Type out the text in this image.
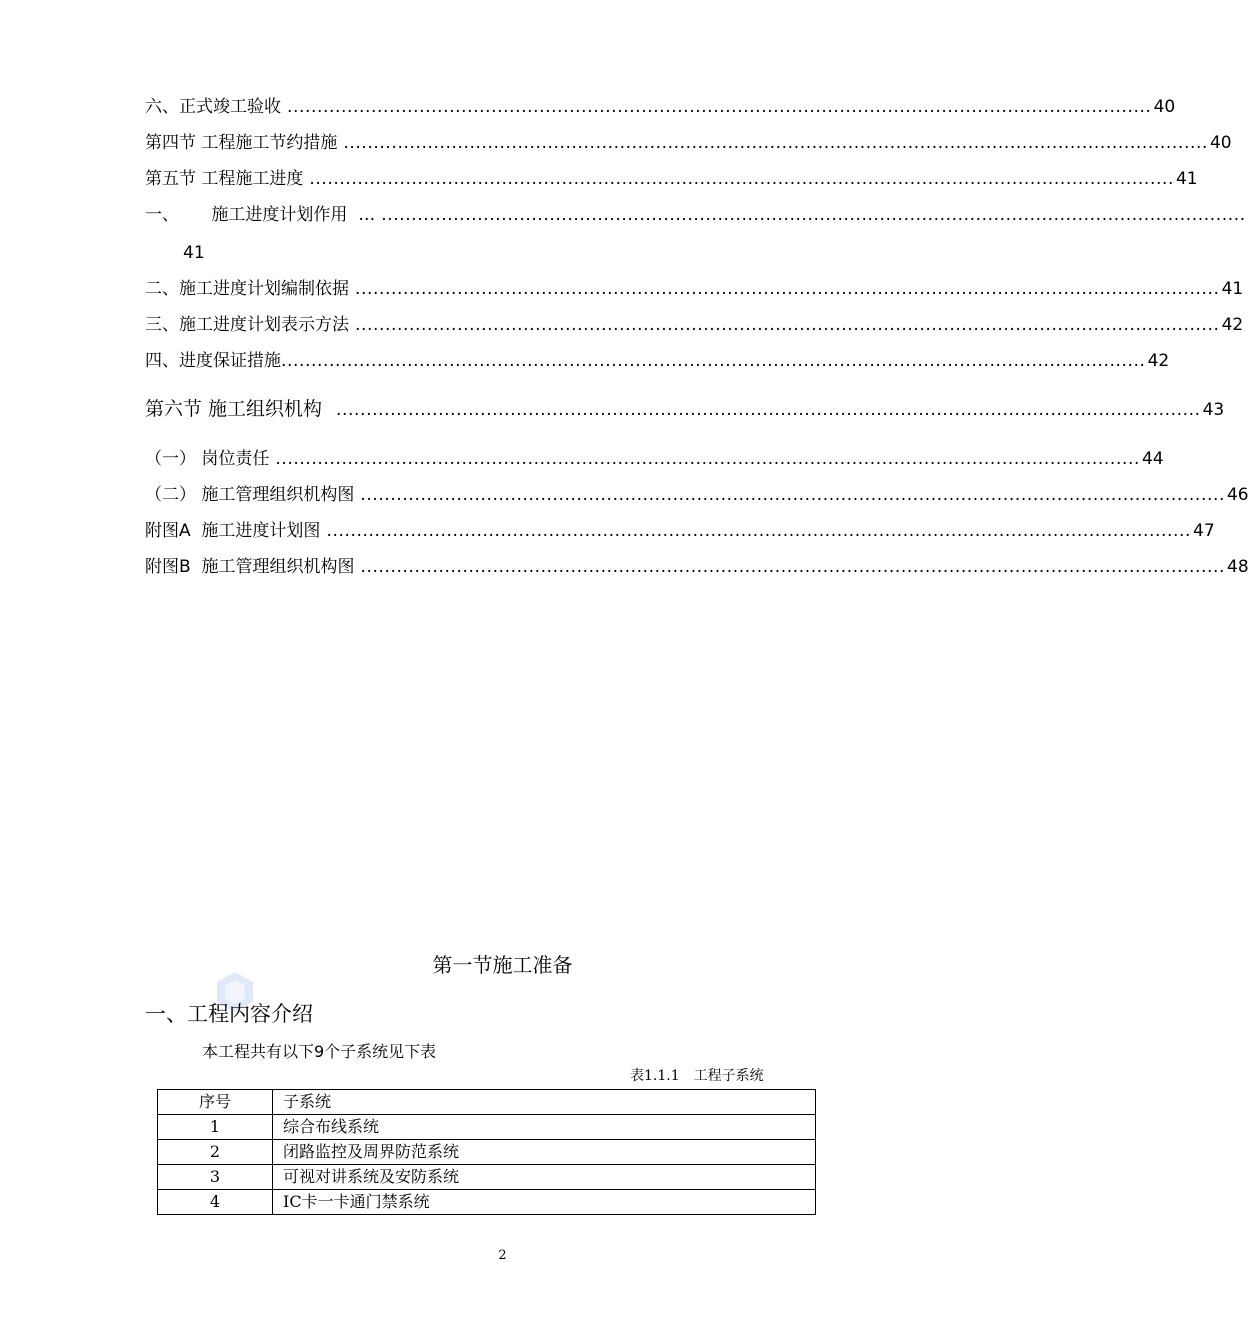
六、正式竣工验收 ................................................................................................................................................ 40
第四节 工程施工节约措施 ................................................................................................................................................ 40
第五节 工程施工进度 ................................................................................................................................................ 41
一、      施工进度计划作用  … ................................................................................................................................................
41
二、施工进度计划编制依据 ................................................................................................................................................ 41
三、施工进度计划表示方法 ................................................................................................................................................ 42
四、进度保证措施 ................................................................................................................................................ 42
第六节 施工组织机构 ................................................................................................................................................ 43
（一） 岗位责任 ................................................................................................................................................ 44
（二） 施工管理组织机构图 ................................................................................................................................................ 46
附图A  施工进度计划图 ................................................................................................................................................ 47
附图B  施工管理组织机构图 ................................................................................................................................................ 48
第一节施工准备
一、工程内容介绍
本工程共有以下9个子系统见下表
表1.1.1 工程子系统
序号	子系统
1	综合布线系统
2	闭路监控及周界防范系统
3	可视对讲系统及安防系统
4	IC卡一卡通门禁系统
2
